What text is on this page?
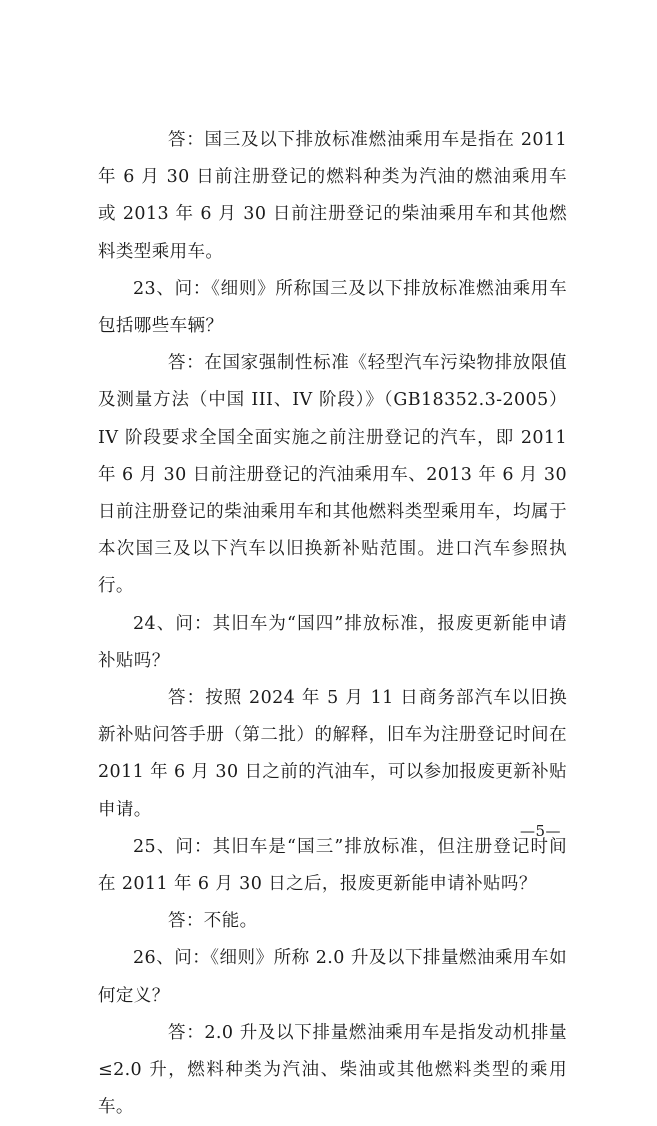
答：国三及以下排放标准燃油乘用车是指在 2011 年 6 月 30 日前注册登记的燃料种类为汽油的燃油乘用车或 2013 年 6 月 30 日前注册登记的柴油乘用车和其他燃料类型乘用车。

23、问：《细则》所称国三及以下排放标准燃油乘用车包括哪些车辆？

答：在国家强制性标准《轻型汽车污染物排放限值及测量方法（中国 III、IV 阶段）》（GB18352.3-2005）IV 阶段要求全国全面实施之前注册登记的汽车，即 2011 年 6 月 30 日前注册登记的汽油乘用车、2013 年 6 月 30 日前注册登记的柴油乘用车和其他燃料类型乘用车，均属于本次国三及以下汽车以旧换新补贴范围。进口汽车参照执行。

24、问：其旧车为“国四”排放标准，报废更新能申请补贴吗？

答：按照 2024 年 5 月 11 日商务部汽车以旧换新补贴问答手册（第二批）的解释，旧车为注册登记时间在 2011 年 6 月 30 日之前的汽油车，可以参加报废更新补贴申请。

25、问：其旧车是“国三”排放标准，但注册登记时间在 2011 年 6 月 30 日之后，报废更新能申请补贴吗？

答：不能。

26、问：《细则》所称 2.0 升及以下排量燃油乘用车如何定义？

答：2.0 升及以下排量燃油乘用车是指发动机排量≤2.0 升，燃料种类为汽油、柴油或其他燃料类型的乘用车。

—5—
